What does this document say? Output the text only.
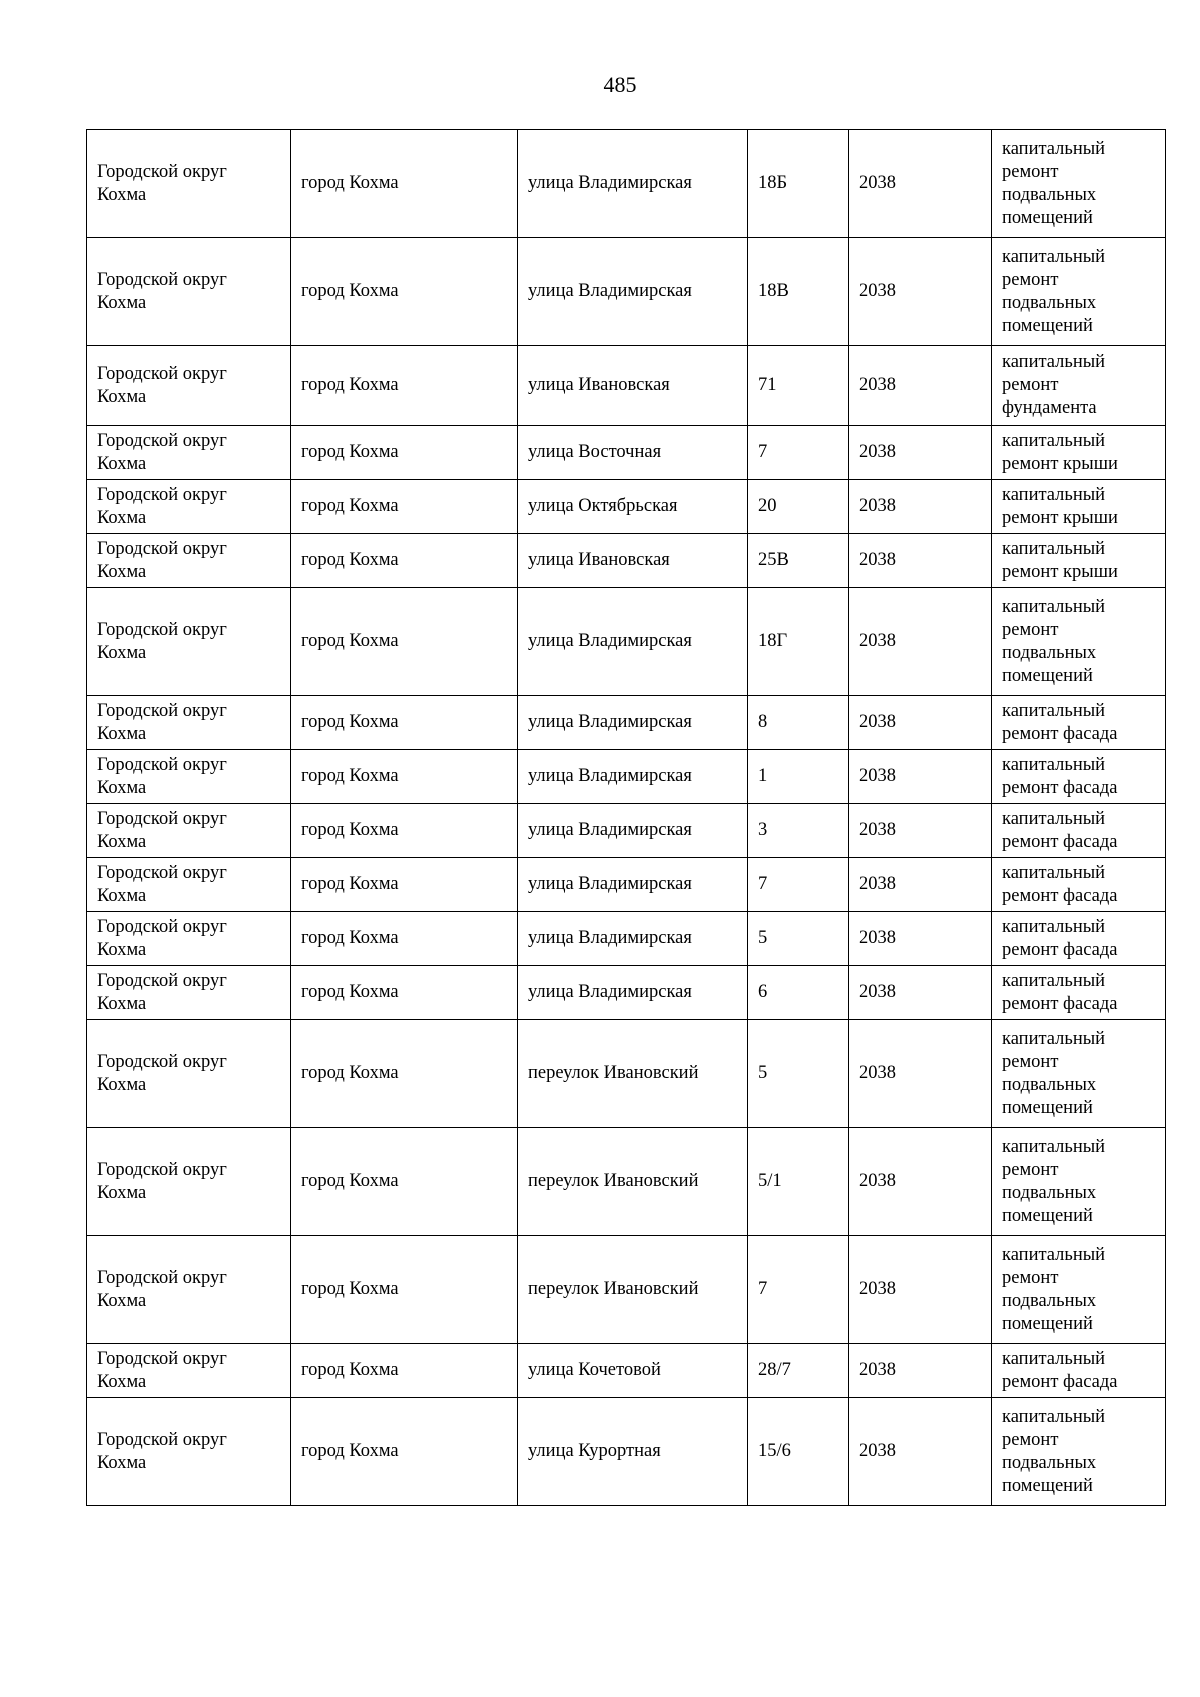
485
Городской округ Кохма	город Кохма	улица Владимирская	18Б	2038	капитальный ремонт подвальных помещений

Городской округ Кохма	город Кохма	улица Владимирская	18В	2038	капитальный ремонт подвальных помещений

Городской округ Кохма	город Кохма	улица Ивановская	71	2038	капитальный ремонт фундамента

Городской округ Кохма	город Кохма	улица Восточная	7	2038	капитальный ремонт крыши

Городской округ Кохма	город Кохма	улица Октябрьская	20	2038	капитальный ремонт крыши

Городской округ Кохма	город Кохма	улица Ивановская	25В	2038	капитальный ремонт крыши

Городской округ Кохма	город Кохма	улица Владимирская	18Г	2038	капитальный ремонт подвальных помещений

Городской округ Кохма	город Кохма	улица Владимирская	8	2038	капитальный ремонт фасада

Городской округ Кохма	город Кохма	улица Владимирская	1	2038	капитальный ремонт фасада

Городской округ Кохма	город Кохма	улица Владимирская	3	2038	капитальный ремонт фасада

Городской округ Кохма	город Кохма	улица Владимирская	7	2038	капитальный ремонт фасада

Городской округ Кохма	город Кохма	улица Владимирская	5	2038	капитальный ремонт фасада

Городской округ Кохма	город Кохма	улица Владимирская	6	2038	капитальный ремонт фасада

Городской округ Кохма	город Кохма	переулок Ивановский	5	2038	капитальный ремонт подвальных помещений

Городской округ Кохма	город Кохма	переулок Ивановский	5/1	2038	капитальный ремонт подвальных помещений

Городской округ Кохма	город Кохма	переулок Ивановский	7	2038	капитальный ремонт подвальных помещений

Городской округ Кохма	город Кохма	улица Кочетовой	28/7	2038	капитальный ремонт фасада

Городской округ Кохма	город Кохма	улица Курортная	15/6	2038	капитальный ремонт подвальных помещений
